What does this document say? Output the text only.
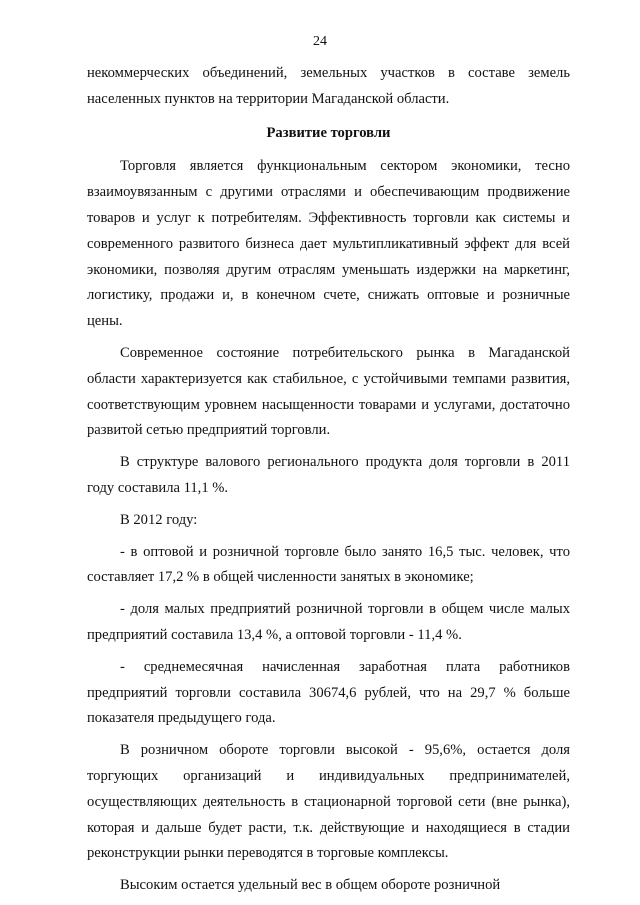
24

некоммерческих объединений, земельных участков в составе земель населенных пунктов на территории Магаданской области.

Развитие торговли

Торговля является функциональным сектором экономики, тесно взаимоувязанным с другими отраслями и обеспечивающим продвижение товаров и услуг к потребителям. Эффективность торговли как системы и современного развитого бизнеса дает мультипликативный эффект для всей экономики, позволяя другим отраслям уменьшать издержки на маркетинг, логистику, продажи и, в конечном счете, снижать оптовые и розничные цены.

Современное состояние потребительского рынка в Магаданской области характеризуется как стабильное, с устойчивыми темпами развития, соответствующим уровнем насыщенности товарами и услугами, достаточно развитой сетью предприятий торговли.

В структуре валового регионального продукта доля торговли в 2011 году составила 11,1 %.

В 2012 году:

- в оптовой и розничной торговле было занято 16,5 тыс. человек, что составляет 17,2 % в общей численности занятых в экономике;

- доля малых предприятий розничной торговли в общем числе малых предприятий составила 13,4 %, а оптовой торговли - 11,4 %.

- среднемесячная начисленная заработная плата работников предприятий торговли составила 30674,6 рублей, что на 29,7 % больше показателя предыдущего года.

В розничном обороте торговли высокой - 95,6%, остается доля торгующих организаций и индивидуальных предпринимателей, осуществляющих деятельность в стационарной торговой сети (вне рынка), которая и дальше будет расти, т.к. действующие и находящиеся в стадии реконструкции рынки переводятся в торговые комплексы.

Высоким остается удельный вес в общем обороте розничной
